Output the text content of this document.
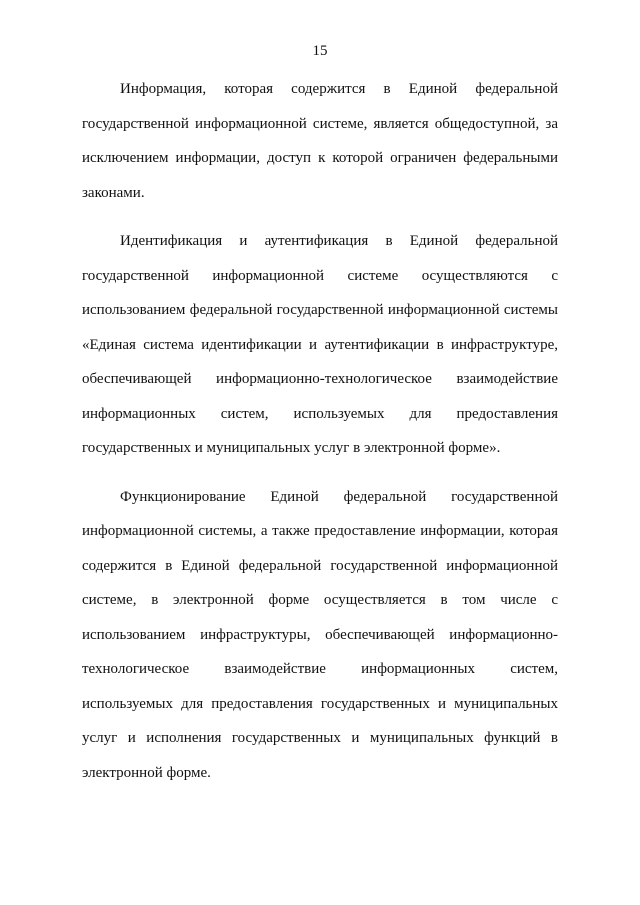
15

Информация, которая содержится в Единой федеральной государственной информационной системе, является общедоступной, за исключением информации, доступ к которой ограничен федеральными законами.

Идентификация и аутентификация в Единой федеральной государственной информационной системе осуществляются с использованием федеральной государственной информационной системы «Единая система идентификации и аутентификации в инфраструктуре, обеспечивающей информационно-технологическое взаимодействие информационных систем, используемых для предоставления государственных и муниципальных услуг в электронной форме».

Функционирование Единой федеральной государственной информационной системы, а также предоставление информации, которая содержится в Единой федеральной государственной информационной системе, в электронной форме осуществляется в том числе с использованием инфраструктуры, обеспечивающей информационно-технологическое взаимодействие информационных систем, используемых для предоставления государственных и муниципальных услуг и исполнения государственных и муниципальных функций в электронной форме.
